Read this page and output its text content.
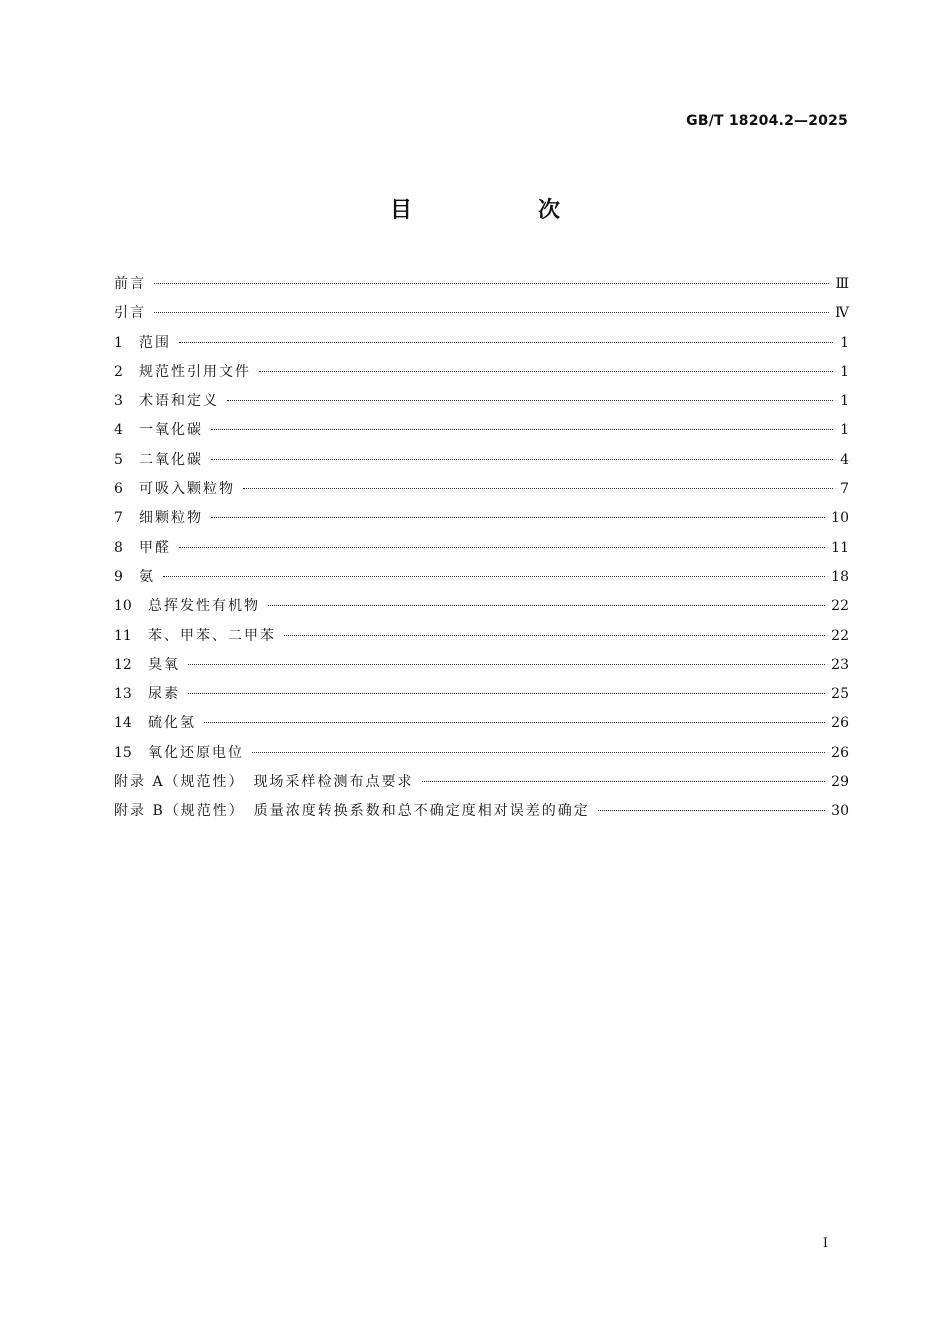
GB/T 18204.2—2025
目　次
前言	Ⅲ
引言	Ⅳ
1	范围	1
2	规范性引用文件	1
3	术语和定义	1
4	一氧化碳	1
5	二氧化碳	4
6	可吸入颗粒物	7
7	细颗粒物	10
8	甲醛	11
9	氨	18
10	总挥发性有机物	22
11	苯、甲苯、二甲苯	22
12	臭氧	23
13	尿素	25
14	硫化氢	26
15	氧化还原电位	26
附录 A（规范性）　现场采样检测布点要求	29
附录 B（规范性）　质量浓度转换系数和总不确定度相对误差的确定	30
I
